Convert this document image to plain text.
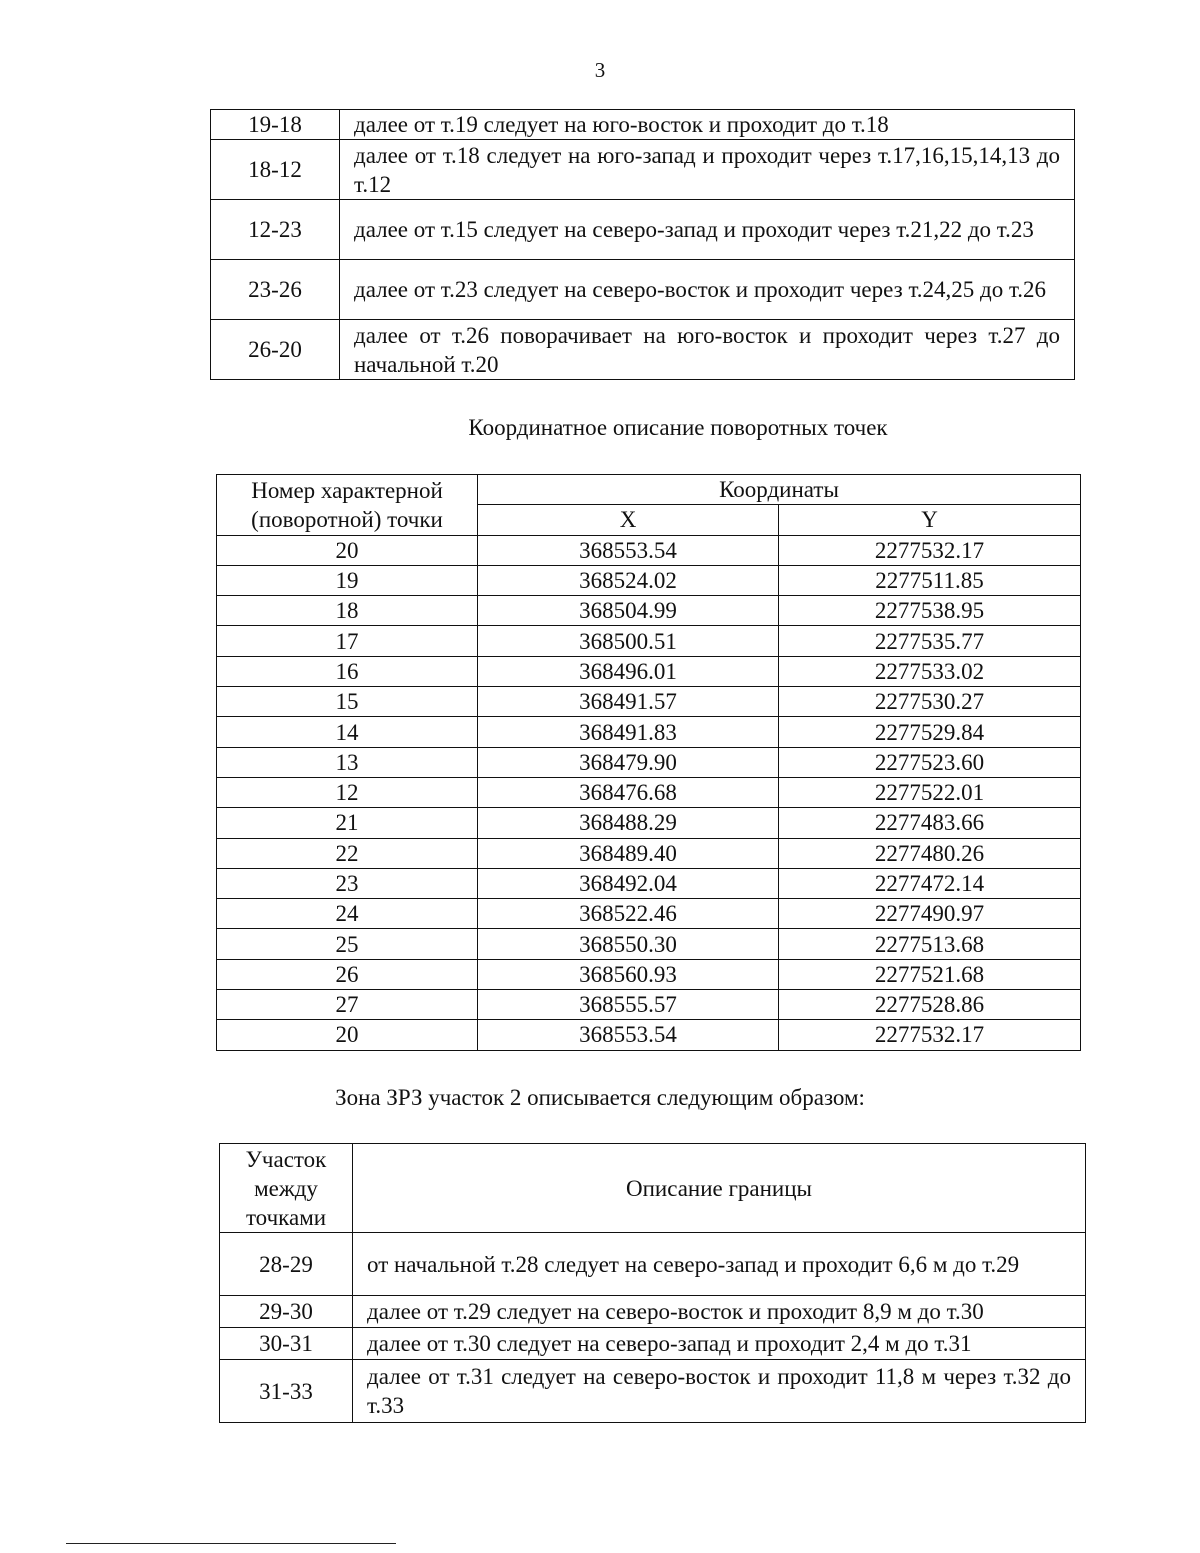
3
19-18	далее от т.19 следует на юго-восток и проходит до т.18
18-12	далее от т.18 следует на юго-запад и проходит через т.17,16,15,14,13 до т.12
12-23	далее от т.15 следует на северо-запад и проходит через т.21,22 до т.23
23-26	далее от т.23 следует на северо-восток и проходит через т.24,25 до т.26
26-20	далее от т.26 поворачивает на юго-восток и проходит через т.27 до начальной т.20
Координатное описание поворотных точек
Номер характерной (поворотной) точки	Координаты	
	X	Y
20	368553.54	2277532.17
19	368524.02	2277511.85
18	368504.99	2277538.95
17	368500.51	2277535.77
16	368496.01	2277533.02
15	368491.57	2277530.27
14	368491.83	2277529.84
13	368479.90	2277523.60
12	368476.68	2277522.01
21	368488.29	2277483.66
22	368489.40	2277480.26
23	368492.04	2277472.14
24	368522.46	2277490.97
25	368550.30	2277513.68
26	368560.93	2277521.68
27	368555.57	2277528.86
20	368553.54	2277532.17
Зона ЗРЗ участок 2 описывается следующим образом:
Участок между точками	Описание границы
28-29	от начальной т.28 следует на северо-запад и проходит 6,6 м до т.29
29-30	далее от т.29 следует на северо-восток и проходит 8,9 м до т.30
30-31	далее от т.30 следует на северо-запад и проходит 2,4 м до т.31
31-33	далее от т.31 следует на северо-восток и проходит 11,8 м через т.32 до т.33
